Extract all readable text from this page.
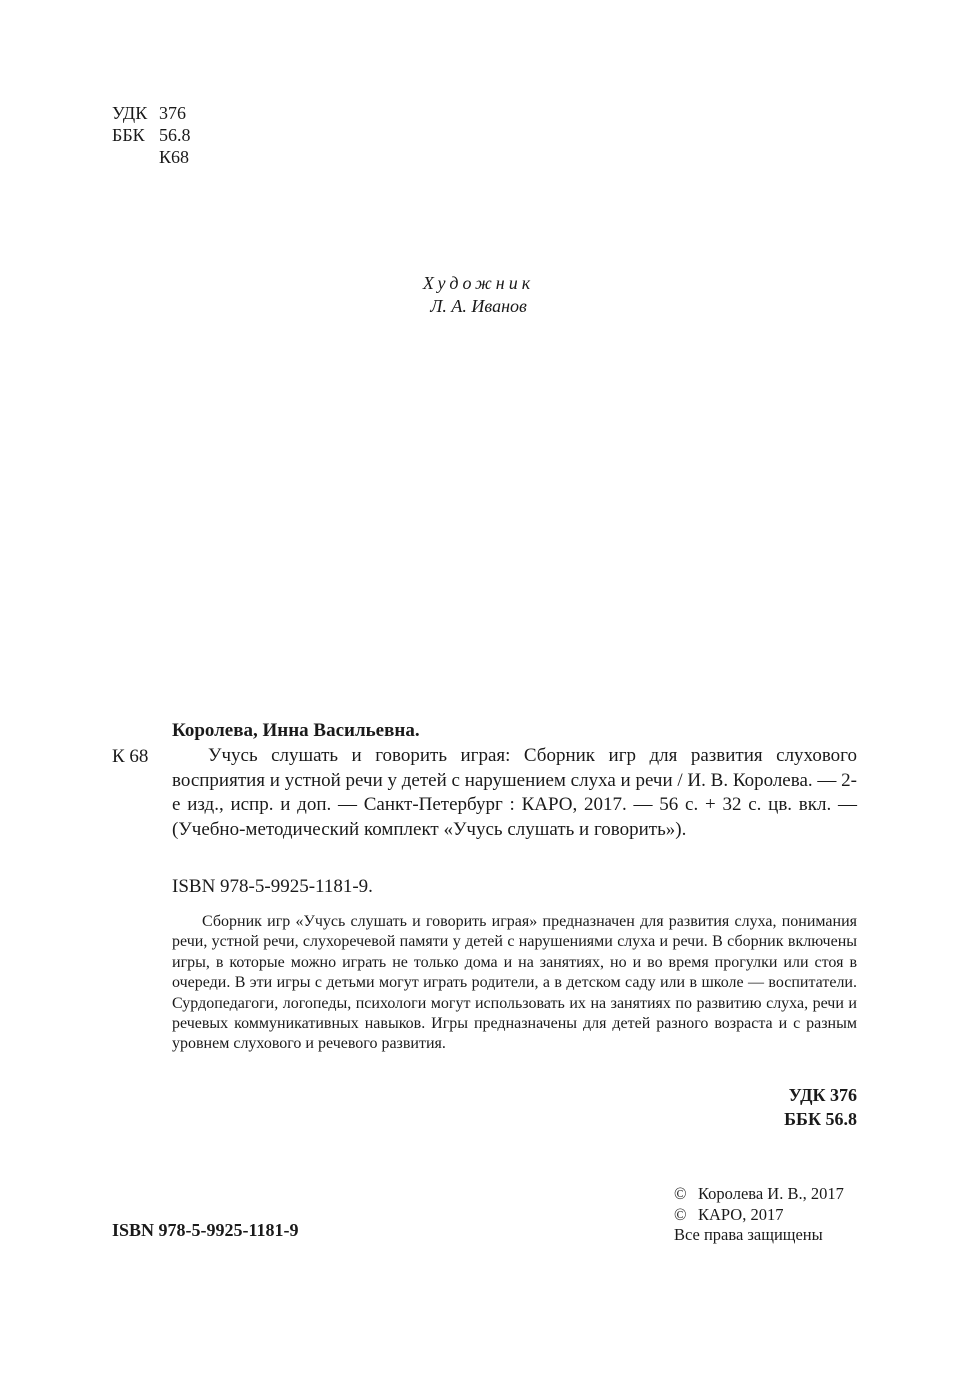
УДК 376
ББК 56.8
К68
Художник
Л. А. Иванов
Королева, Инна Васильевна.
К 68	Учусь слушать и говорить играя: Сборник игр для развития слухового восприятия и устной речи у детей с нарушением слуха и речи / И. В. Королева. — 2-е изд., испр. и доп. — Санкт-Петербург : КАРО, 2017. — 56 с. + 32 с. цв. вкл. — (Учебно-методический комплект «Учусь слушать и говорить»).
ISBN 978-5-9925-1181-9.
Сборник игр «Учусь слушать и говорить играя» предназначен для развития слуха, понимания речи, устной речи, слухоречевой памяти у детей с нарушениями слуха и речи. В сборник включены игры, в которые можно играть не только дома и на занятиях, но и во время прогулки или стоя в очереди. В эти игры с детьми могут играть родители, а в детском саду или в школе — воспитатели. Сурдопедагоги, логопеды, психологи могут использовать их на занятиях по развитию слуха, речи и речевых коммуникативных навыков. Игры предназначены для детей разного возраста и с разным уровнем слухового и речевого развития.
УДК 376
ББК 56.8
ISBN 978-5-9925-1181-9
© Королева И. В., 2017
© КАРО, 2017
Все права защищены
